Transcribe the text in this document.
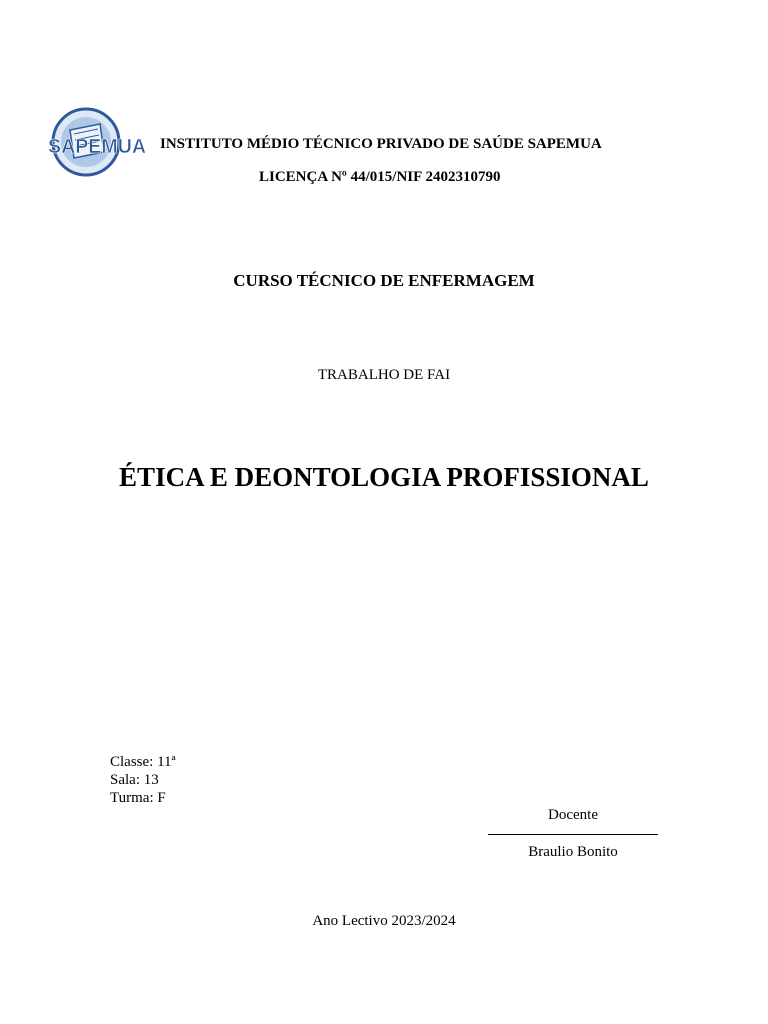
SAPEMUA INSTITUTO MÉDIO TÉCNICO PRIVADO DE SAÚDE SAPEMUA
LICENÇA Nº 44/015/NIF 2402310790
CURSO TÉCNICO DE ENFERMAGEM
TRABALHO DE FAI
ÉTICA E DEONTOLOGIA PROFISSIONAL
Classe: 11ª
Sala: 13
Turma: F
Docente
Braulio Bonito
Ano Lectivo 2023/2024
